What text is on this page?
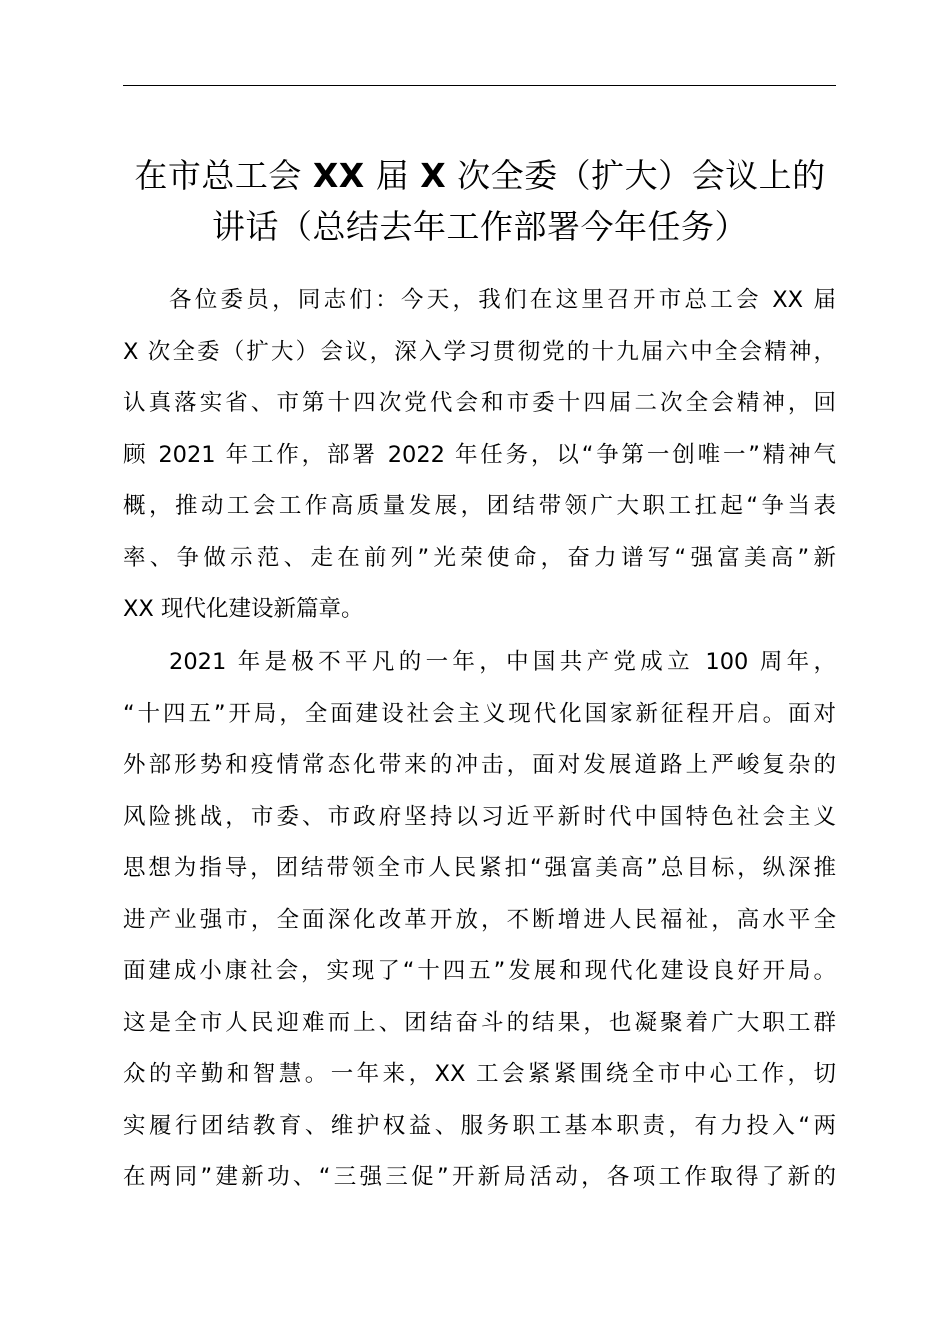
在市总工会 XX 届 X 次全委（扩大）会议上的
讲话（总结去年工作部署今年任务）
各位委员，同志们：今天，我们在这里召开市总工会 XX 届
X 次全委（扩大）会议，深入学习贯彻党的十九届六中全会精神，
认真落实省、市第十四次党代会和市委十四届二次全会精神，回
顾 2021 年工作，部署 2022 年任务，以“争第一创唯一”精神气
概，推动工会工作高质量发展，团结带领广大职工扛起“争当表
率、争做示范、走在前列”光荣使命，奋力谱写“强富美高”新
XX 现代化建设新篇章。
2021 年是极不平凡的一年，中国共产党成立 100 周年，
“十四五”开局，全面建设社会主义现代化国家新征程开启。面对
外部形势和疫情常态化带来的冲击，面对发展道路上严峻复杂的
风险挑战，市委、市政府坚持以习近平新时代中国特色社会主义
思想为指导，团结带领全市人民紧扣“强富美高”总目标，纵深推
进产业强市，全面深化改革开放，不断增进人民福祉，高水平全
面建成小康社会，实现了“十四五”发展和现代化建设良好开局。
这是全市人民迎难而上、团结奋斗的结果，也凝聚着广大职工群
众的辛勤和智慧。一年来，XX 工会紧紧围绕全市中心工作，切
实履行团结教育、维护权益、服务职工基本职责，有力投入“两
在两同”建新功、“三强三促”开新局活动，各项工作取得了新的
